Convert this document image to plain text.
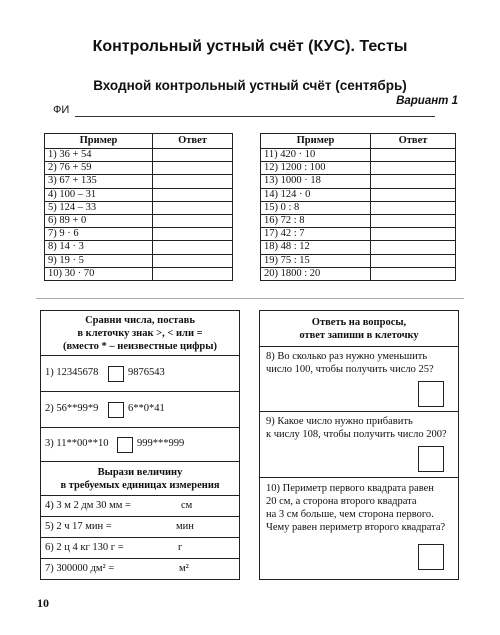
Контрольный устный счёт (КУС). Тесты
Входной контрольный устный счёт (сентябрь)
Вариант 1
ФИ
Пример	Ответ
1) 36 + 54	
2) 76 + 59	
3) 67 + 135	
4) 100 – 31	
5) 124 – 33	
6) 89 + 0	
7) 9 · 6	
8) 14 · 3	
9) 19 · 5	
10) 30 · 70	
Пример	Ответ
11) 420 · 10	
12) 1200 : 100	
13) 1000 · 18	
14) 124 · 0	
15) 0 : 8	
16) 72 : 8	
17) 42 : 7	
18) 48 : 12	
19) 75 : 15	
20) 1800 : 20	
Сравни числа, поставь
в клеточку знак >, < или =
(вместо * – неизвестные цифры)
1) 12345678	9876543
2) 56**99*9	6**0*41
3) 11**00**10	999***999
Вырази величину
в требуемых единицах измерения
4) 3 м 2 дм 30 мм =	см
5) 2 ч 17 мин =	мин
6) 2 ц 4 кг 130 г =	г
7) 300000 дм² =	м²
Ответь на вопросы,
ответ запиши в клеточку
8) Во сколько раз нужно уменьшить
число 100, чтобы получить число 25?
9) Какое число нужно прибавить
к числу 108, чтобы получить число 200?
10) Периметр первого квадрата равен
20 см, а сторона второго квадрата
на 3 см больше, чем сторона первого.
Чему равен периметр второго квадрата?
10
